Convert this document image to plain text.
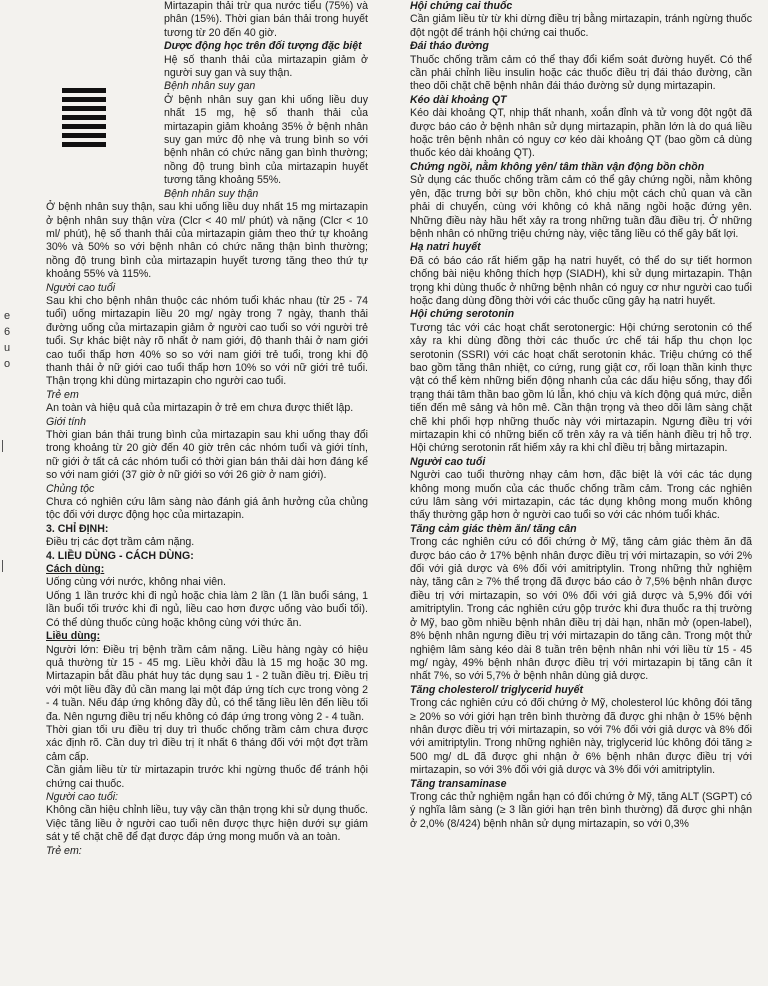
e
6
u
o

Mirtazapin thải trừ qua nước tiểu (75%) và phân (15%). Thời gian bán thải trong huyết tương từ 20 đến 40 giờ.

Dược động học trên đối tượng đặc biệt

Hệ số thanh thải của mirtazapin giảm ở người suy gan và suy thận.

Bệnh nhân suy gan

Ở bệnh nhân suy gan khi uống liều duy nhất 15 mg, hệ số thanh thải của mirtazapin giảm khoảng 35% ở bệnh nhân suy gan mức độ nhẹ và trung bình so với bệnh nhân có chức năng gan bình thường; nồng độ trung bình của mirtazapin huyết tương tăng khoảng 55%.

Bệnh nhân suy thận

Ở bệnh nhân suy thận, sau khi uống liều duy nhất 15 mg mirtazapin ở bệnh nhân suy thận vừa (Clcr < 40 ml/ phút) và nặng (Clcr < 10 ml/ phút), hệ số thanh thải của mirtazapin giảm theo thứ tự khoảng 30% và 50% so với bệnh nhân có chức năng thận bình thường; nồng độ trung bình của mirtazapin huyết tương tăng theo thứ tự khoảng 55% và 115%.

Người cao tuổi

Sau khi cho bệnh nhân thuộc các nhóm tuổi khác nhau (từ 25 - 74 tuổi) uống mirtazapin liều 20 mg/ ngày trong 7 ngày, thanh thải đường uống của mirtazapin giảm ở người cao tuổi so với người trẻ tuổi. Sự khác biệt này rõ nhất ở nam giới, độ thanh thải ở nam giới cao tuổi thấp hơn 40% so so với nam giới trẻ tuổi, trong khi độ thanh thải ở nữ giới cao tuổi thấp hơn 10% so với nữ giới trẻ tuổi. Thận trọng khi dùng mirtazapin cho người cao tuổi.

Trẻ em

An toàn và hiệu quả của mirtazapin ở trẻ em chưa được thiết lập.

Giới tính

Thời gian bán thải trung bình của mirtazapin sau khi uống thay đổi trong khoảng từ 20 giờ đến 40 giờ trên các nhóm tuổi và giới tính, nữ giới ở tất cả các nhóm tuổi có thời gian bán thải dài hơn đáng kể so với nam giới (37 giờ ở nữ giới so với 26 giờ ở nam giới).

Chủng tộc

Chưa có nghiên cứu lâm sàng nào đánh giá ảnh hưởng của chủng tộc đối với dược động học của mirtazapin.

3. CHỈ ĐỊNH:

Điều trị các đợt trầm cảm nặng.

4. LIỀU DÙNG - CÁCH DÙNG:

Cách dùng:

Uống cùng với nước, không nhai viên.

Uống 1 lần trước khi đi ngủ hoặc chia làm 2 lần (1 lần buổi sáng, 1 lần buổi tối trước khi đi ngủ, liều cao hơn được uống vào buổi tối). Có thể dùng thuốc cùng hoặc không cùng với thức ăn.

Liều dùng:

Người lớn: Điều trị bệnh trầm cảm nặng. Liều hàng ngày có hiệu quả thường từ 15 - 45 mg. Liều khởi đầu là 15 mg hoặc 30 mg. Mirtazapin bắt đầu phát huy tác dụng sau 1 - 2 tuần điều trị. Điều trị với một liều đầy đủ cần mang lại một đáp ứng tích cực trong vòng 2 - 4 tuần. Nếu đáp ứng không đầy đủ, có thể tăng liều lên đến liều tối đa. Nên ngưng điều trị nếu không có đáp ứng trong vòng 2 - 4 tuần.

Thời gian tối ưu điều trị duy trì thuốc chống trầm cảm chưa được xác định rõ. Cần duy trì điều trị ít nhất 6 tháng đối với một đợt trầm cảm cấp.

Cần giảm liều từ từ mirtazapin trước khi ngừng thuốc để tránh hội chứng cai thuốc.

Người cao tuổi:

Không cần hiệu chỉnh liều, tuy vậy cần thận trọng khi sử dụng thuốc. Việc tăng liều ở người cao tuổi nên được thực hiện dưới sự giám sát y tế chặt chẽ để đạt được đáp ứng mong muốn và an toàn.

Trẻ em:

Hội chứng cai thuốc

Cần giảm liều từ từ khi dừng điều trị bằng mirtazapin, tránh ngừng thuốc đột ngột để tránh hội chứng cai thuốc.

Đái tháo đường

Thuốc chống trầm cảm có thể thay đổi kiểm soát đường huyết. Có thể cần phải chỉnh liều insulin hoặc các thuốc điều trị đái tháo đường, cần theo dõi chặt chẽ bệnh nhân đái tháo đường sử dụng mirtazapin.

Kéo dài khoảng QT

Kéo dài khoảng QT, nhịp thất nhanh, xoắn đỉnh và tử vong đột ngột đã được báo cáo ở bệnh nhân sử dụng mirtazapin, phần lớn là do quá liều hoặc trên bệnh nhân có nguy cơ kéo dài khoảng QT (bao gồm cả dùng thuốc kéo dài khoảng QT).

Chứng ngồi, nằm không yên/ tâm thần vận động bồn chồn

Sử dụng các thuốc chống trầm cảm có thể gây chứng ngồi, nằm không yên, đặc trưng bởi sự bồn chồn, khó chịu một cách chủ quan và cần phải di chuyển, cùng với không có khả năng ngồi hoặc đứng yên. Những điều này hầu hết xảy ra trong những tuần đầu điều trị. Ở những bệnh nhân có những triệu chứng này, việc tăng liều có thể gây bất lợi.

Hạ natri huyết

Đã có báo cáo rất hiếm gặp hạ natri huyết, có thể do sự tiết hormon chống bài niệu không thích hợp (SIADH), khi sử dụng mirtazapin. Thận trọng khi dùng thuốc ở những bệnh nhân có nguy cơ như người cao tuổi hoặc đang dùng đồng thời với các thuốc cũng gây hạ natri huyết.

Hội chứng serotonin

Tương tác với các hoạt chất serotonergic: Hội chứng serotonin có thể xảy ra khi dùng đồng thời các thuốc ức chế tái hấp thu chọn lọc serotonin (SSRI) với các hoạt chất serotonin khác. Triệu chứng có thể bao gồm tăng thân nhiệt, co cứng, rung giật cơ, rối loạn thần kinh thực vật có thể kèm những biến động nhanh của các dấu hiệu sống, thay đổi trạng thái tâm thần bao gồm lú lẫn, khó chịu và kích động quá mức, diễn tiến đến mê sảng và hôn mê. Cần thận trọng và theo dõi lâm sàng chặt chẽ khi phối hợp những thuốc này với mirtazapin. Ngưng điều trị với mirtazapin khi có những biến cố trên xảy ra và tiến hành điều trị hỗ trợ. Hội chứng serotonin rất hiếm xảy ra khi chỉ điều trị bằng mirtazapin.

Người cao tuổi

Người cao tuổi thường nhạy cảm hơn, đặc biệt là với các tác dụng không mong muốn của các thuốc chống trầm cảm. Trong các nghiên cứu lâm sàng với mirtazapin, các tác dụng không mong muốn không thấy thường gặp hơn ở người cao tuổi so với các nhóm tuổi khác.

Tăng cảm giác thèm ăn/ tăng cân

Trong các nghiên cứu có đối chứng ở Mỹ, tăng cảm giác thèm ăn đã được báo cáo ở 17% bệnh nhân được điều trị với mirtazapin, so với 2% đối với giả dược và 6% đối với amitriptylin. Trong những thử nghiệm này, tăng cân ≥ 7% thể trọng đã được báo cáo ở 7,5% bệnh nhân được điều trị với mirtazapin, so với 0% đối với giả dược và 5,9% đối với amitriptylin. Trong các nghiên cứu gộp trước khi đưa thuốc ra thị trường ở Mỹ, bao gồm nhiều bệnh nhân điều trị dài hạn, nhãn mở (open-label), 8% bệnh nhân ngưng điều trị với mirtazapin do tăng cân. Trong một thử nghiệm lâm sàng kéo dài 8 tuần trên bệnh nhân nhi với liều từ 15 - 45 mg/ ngày, 49% bệnh nhân được điều trị với mirtazapin bị tăng cân ít nhất 7%, so với 5,7% ở bệnh nhân dùng giả dược.

Tăng cholesterol/ triglycerid huyết

Trong các nghiên cứu có đối chứng ở Mỹ, cholesterol lúc không đói tăng ≥ 20% so với giới hạn trên bình thường đã được ghi nhận ở 15% bệnh nhân được điều trị với mirtazapin, so với 7% đối với giả dược và 8% đối với amitriptylin. Trong những nghiên này, triglycerid lúc không đói tăng ≥ 500 mg/ dL đã được ghi nhận ở 6% bệnh nhân được điều trị với mirtazapin, so với 3% đối với giả dược và 3% đối với amitriptylin.

Tăng transaminase

Trong các thử nghiệm ngắn hạn có đối chứng ở Mỹ, tăng ALT (SGPT) có ý nghĩa lâm sàng (≥ 3 lần giới hạn trên bình thường) đã được ghi nhận ở 2,0% (8/424) bệnh nhân sử dụng mirtazapin, so với 0,3%
